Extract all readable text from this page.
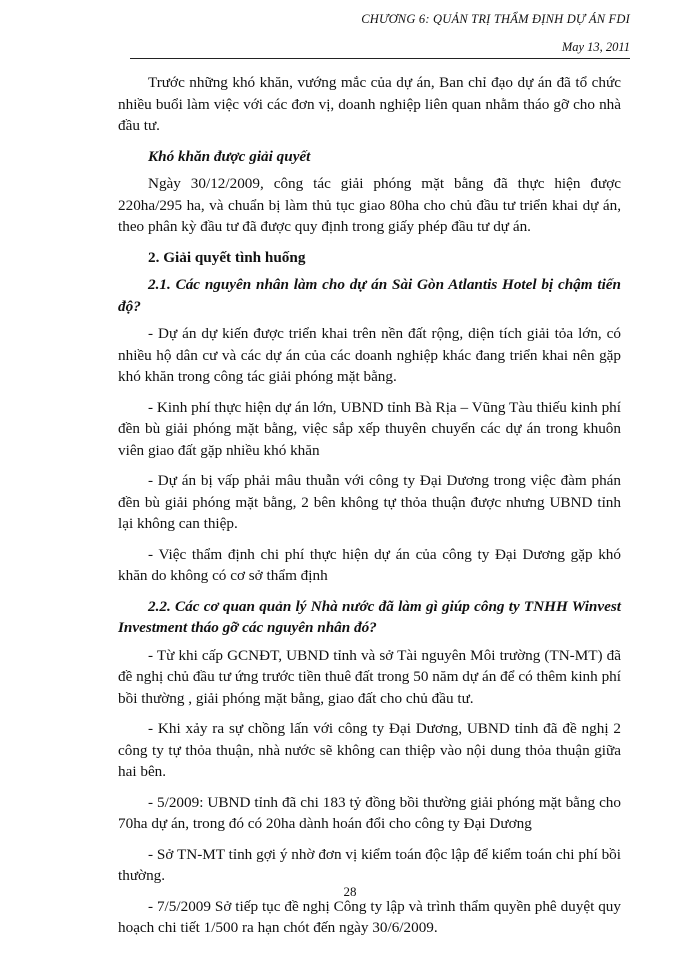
CHƯƠNG 6: QUẢN TRỊ THẨM ĐỊNH DỰ ÁN FDI
May 13, 2011

Trước những khó khăn, vướng mắc của dự án, Ban chỉ đạo dự án đã tổ chức nhiều buổi làm việc với các đơn vị, doanh nghiệp liên quan nhằm tháo gỡ cho nhà đầu tư.

Khó khăn được giải quyết

Ngày 30/12/2009, công tác giải phóng mặt bằng đã thực hiện được 220ha/295 ha, và chuẩn bị làm thủ tục giao 80ha cho chủ đầu tư triển khai dự án, theo phân kỳ đầu tư đã được quy định trong giấy phép đầu tư dự án.

2. Giải quyết tình huống

2.1. Các nguyên nhân làm cho dự án Sài Gòn Atlantis Hotel bị chậm tiến độ?

- Dự án dự kiến được triển khai trên nền đất rộng, diện tích giải tỏa lớn, có nhiều hộ dân cư và các dự án của các doanh nghiệp khác đang triển khai nên gặp khó khăn trong công tác giải phóng mặt bằng.

- Kinh phí thực hiện dự án lớn, UBND tỉnh Bà Rịa – Vũng Tàu thiếu kinh phí đền bù giải phóng mặt bằng, việc sắp xếp thuyên chuyển các dự án trong khuôn viên giao đất gặp nhiều khó khăn

- Dự án bị vấp phải mâu thuẫn với công ty Đại Dương trong việc đàm phán đền bù giải phóng mặt bằng, 2 bên không tự thỏa thuận được nhưng UBND tỉnh lại không can thiệp.

- Việc thẩm định chi phí thực hiện dự án của công ty Đại Dương gặp khó khăn do không có cơ sở thẩm định

2.2. Các cơ quan quản lý Nhà nước đã làm gì giúp công ty TNHH Winvest Investment tháo gỡ các nguyên nhân đó?

- Từ khi cấp GCNĐT, UBND tỉnh và sở Tài nguyên Môi trường (TN-MT) đã đề nghị chủ đầu tư ứng trước tiền thuê đất trong 50 năm dự án để có thêm kinh phí bồi thường , giải phóng mặt bằng, giao đất cho chủ đầu tư.

- Khi xảy ra sự chồng lấn với công ty Đại Dương, UBND tỉnh đã đề nghị 2 công ty tự thỏa thuận, nhà nước sẽ không can thiệp vào nội dung thỏa thuận giữa hai bên.

- 5/2009: UBND tỉnh đã chi 183 tỷ đồng bồi thường giải phóng mặt bằng cho 70ha dự án, trong đó có 20ha dành hoán đổi cho công ty Đại Dương

- Sở TN-MT tỉnh gợi ý nhờ đơn vị kiểm toán độc lập để kiểm toán chi phí bồi thường.

- 7/5/2009 Sở tiếp tục đề nghị Công ty lập và trình thẩm quyền phê duyệt quy hoạch chi tiết 1/500 ra hạn chót đến ngày 30/6/2009.

28
